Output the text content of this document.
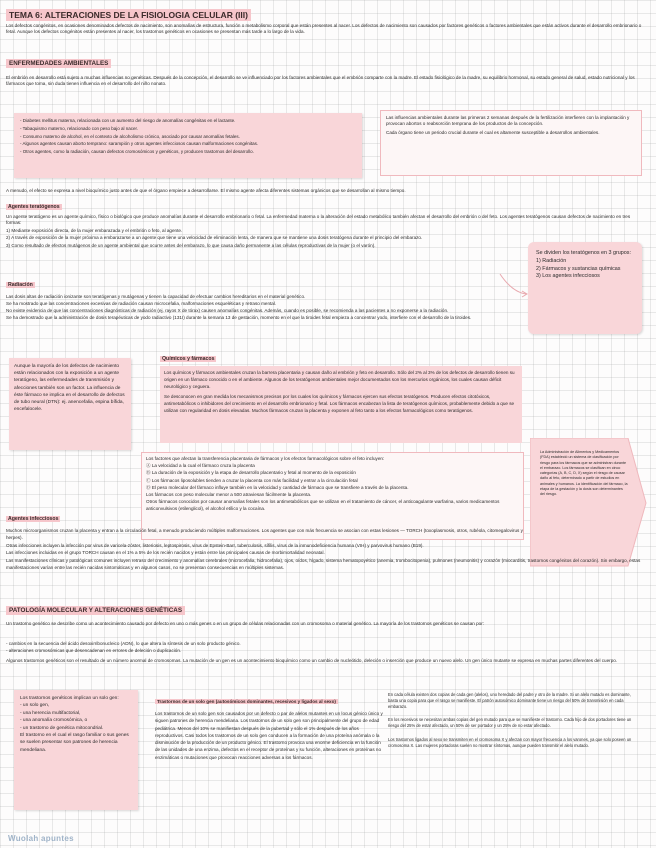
TEMA 6: ALTERACIONES DE LA FISIOLOGIA CELULAR (III)

Los defectos congénitos, en ocasiones denominados defectos de nacimiento, son anomalías de estructura, función o metabolismo corporal que están presentes al nacer. Los defectos de nacimiento son causados por factores genéticos o factores ambientales que están activos durante el desarrollo embrionario o fetal. Aunque los defectos congénitos están presentes al nacer, los trastornos genéticos en ocasiones se presentan más tarde a lo largo de la vida.

ENFERMEDADES AMBIENTALES

El embrión en desarrollo está sujeto a muchas influencias no genéticas. Después de la concepción, el desarrollo se ve influenciado por los factores ambientales que el embrión comparte con la madre. El estado fisiológico de la madre, su equilibrio hormonal, su estado general de salud, estado nutricional y los fármacos que toma, sin duda tienen influencia en el desarrollo del niño nonato.

- Diabetes mellitus materna, relacionada con un aumento del riesgo de anomalías congénitas en el lactante.
- Tabaquismo materno, relacionado con peso bajo al nacer.
- Consumo materno de alcohol, en el contexto de alcoholismo crónico, asociado por causar anomalías fetales.
- Algunos agentes causan aborto temprano: sarampión y otros agentes infecciosos causan malformaciones congénitas.
- Otros agentes, como la radiación, causan defectos cromosómicos y genéticos, y producen trastornos del desarrollo.

Las influencias ambientales durante las primeras 2 semanas después de la fertilización interfieren con la implantación y provocan abortos o reabsorción temprana de los productos de la concepción.

Cada órgano tiene un periodo crucial durante el cual es altamente susceptible a desarrollos ambientales.

A menudo, el efecto se expresa a nivel bioquímico justo antes de que el órgano empiece a desarrollarse. El mismo agente afecta diferentes sistemas orgánicos que se desarrollan al mismo tiempo.

Agentes teratógenos

Un agente teratógeno es un agente químico, físico o biológico que produce anomalías durante el desarrollo embrionario o fetal. La enfermedad materna o la alteración del estado metabólico también afectan el desarrollo del embrión o del feto. Los agentes teratógenos causan defectos de nacimiento en tres formas:

1) Mediante exposición directa, de la mujer embarazada y el embrión o feto, al agente.
2) A través de exposición de la mujer próxima a embarazarse a un agente que tiene una velocidad de eliminación lenta, de manera que se mantiene una dosis teratógena durante el principio del embarazo.
3) Como resultado de efectos mutágenos de un agente ambiental que ocurre antes del embarazo, lo que causa daño permanente a las células reproductivas de la mujer (o el varón).

Se dividen los teratógenos en 3 grupos:

1) Radiación

2) Fármacos y sustancias químicas

3) Los agentes infecciosos

Radiación

Las dosis altas de radiación ionizante son teratógenas y mutágenas y tienen la capacidad de efectuar cambios hereditarios en el material genético.

Se ha mostrado que las concentraciones excesivas de radiación causan microcefalia, malformaciones esqueléticas y retraso mental.

No existe evidencia de que las concentraciones diagnósticas de radiación (ej. rayos X de tórax) causen anomalías congénitas. Además, cuando es posible, se recomienda a las pacientes a no exponerse a la radiación.

Se ha demostrado que la administración de dosis terapéuticas de yodo radiactivo (131I) durante la semana 13 de gestación, momento en el que la tiroides fetal empieza a concentrar yodo, interfiere con el desarrollo de la tiroides.

Aunque la mayoría de los defectos de nacimiento están relacionados con la exposición a un agente teratógeno, las enfermedades de transmisión y afecciones también son un factor. La influencia de éste fármaco se implica en el desarrollo de defectos de tubo neural (DTN): ej. anencefalia, espina bífida, encefalocele.

Químicos y fármacos

Los químicos y fármacos ambientales cruzan la barrera placentaria y causan daño al embrión y feto en desarrollo. Sólo del 2% al 3% de los defectos de desarrollo tienen su origen en un fármaco conocido o en el ambiente. Algunos de los teratógenos ambientales mejor documentados son los mercurios orgánicos, los cuales causan déficit neurológico y ceguera.

Se desconocen en gran medida los mecanismos precisos por los cuales los químicos y fármacos ejercen sus efectos teratógenos. Producen efectos citotóxicos, antimetabólicos o inhibidores del crecimiento en el desarrollo embrionario y fetal. Los fármacos encabezan la lista de teratógenos químicos, probablemente debido a que se utilizan con regularidad en dosis elevadas. Muchos fármacos cruzan la placenta y exponen al feto tanto a los efectos farmacológicos como teratógenos.

Los factores que afectan la transferencia placentaria de fármacos y los efectos farmacológicos sobre el feto incluyen:

Ⓐ La velocidad a la cual el fármaco cruza la placenta
Ⓑ La duración de la exposición y la etapa de desarrollo placentario y fetal al momento de la exposición
Ⓒ Los fármacos liposolubles tienden a cruzar la placenta con más facilidad y entrar a la circulación fetal
Ⓓ El peso molecular del fármaco influye también en la velocidad y cantidad de fármaco que se transfiere a través de la placenta.

Los fármacos con peso molecular menor a 500 atraviesan fácilmente la placenta.

Otros fármacos conocidos por causar anomalías fetales son los antimetabólicos que se utilizan en el tratamiento de cáncer, el anticoagulante warfarina, varios medicamentos anticonvulsivos (etilenglicol), el alcohol etílico y la cocaína.

La Administración de Alimentos y Medicamentos (FDA) estableció un sistema de clasificación por riesgo para los fármacos que se administran durante el embarazo. Los fármacos se clasifican en cinco categorías (A, B, C, D, X) según el riesgo de causar daño al feto, determinado a partir de estudios en animales y humanos. La identificación del fármaco, la etapa de la gestación y la dosis son determinantes del riesgo.

Agentes infecciosos

Muchos microorganismos cruzan la placenta y entran a la circulación fetal, a menudo produciendo múltiples malformaciones. Los agentes que con más frecuencia se asocian con estas lesiones — TORCH (toxoplasmosis, otros, rubéola, citomegalovirus y herpes).

Otras infecciones incluyen la infección por virus de varicela-zóster, listeriosis, leptospirosis, virus de Epstein-Barr, tuberculosis, sífilis, virus de la inmunodeficiencia humana (VIH) y parvovirus humano (B19).

Las infecciones incluidas en el grupo TORCH causan en el 1% a 5% de los recién nacidos y están entre las principales causas de morbimortalidad neonatal.

Las manifestaciones clínicas y patológicas comunes incluyen retraso del crecimiento y anomalías cerebrales (microcefalia, hidrocefalia), ojos, oídos, hígado, sistema hematopoyético (anemia, trombocitopenia), pulmones (neumonitis) y corazón (miocarditis, trastornos congénitos del corazón). Sin embargo, estas manifestaciones varían entre las recién nacidas sintomáticas y en algunos casos, no se presentan consecuencias en múltiples sistemas.

PATOLOGÍA MOLECULAR Y ALTERACIONES GENÉTICAS

Un trastorno genético se describe como un acontecimiento causado por defecto en uno o más genes o en un grupo de células relacionadas con un cromosoma o material genético. La mayoría de los trastornos genéticos se causan por:

- cambios en la secuencia del ácido desoxirribonucleico (ADN), lo que altera la síntesis de un solo producto génico.
- alteraciones cromosómicas que desencadenan en errores de deleción o duplicación.

Algunos trastornos genéticos son el resultado de un número anormal de cromosomas. La mutación de un gen es un acontecimiento bioquímico como un cambio de nucleótido, deleción o inserción que produce un nuevo alelo. Un gen único mutante se expresa en muchas partes diferentes del cuerpo.

Los trastornos genéticos implican un solo gen:

- un solo gen,

- una herencia multifactorial,

- una anomalía cromosómica, o

- un trastorno de genética mitocondrial.

El trastorno en el cual el rasgo familiar o sus genes se suelen presentar son patrones de herencia mendeliana.

Trastornos de un solo gen (autosómicos dominantes, recesivos y ligados al sexo)

Los trastornos de un solo gen son causados por un defecto o par de alelos mutantes en un locus génico único y siguen patrones de herencia mendeliana. Los trastornos de un solo gen son principalmente del grupo de edad pediátrica. Menos del 10% se manifiestan después de la pubertad y sólo el 1% después de los años reproductivos. Casi todos los trastornos de un solo gen conducen a la formación de una proteína anómala o la disminución de la producción de un producto génico. El trastorno provoca una enorme deficiencia en la función de las unidades de una enzima, defectos en el receptor de proteínas y su función, alteraciones en proteínas no enzimáticas o mutaciones que provocan reacciones adversas a los fármacos.

En cada célula existen dos copias de cada gen (alelos), uno heredado del padre y otro de la madre. Si un alelo mutado es dominante, basta una copia para que el rasgo se manifieste. El patrón autosómico dominante tiene un riesgo del 50% de transmisión en cada embarazo.

En los recesivos se necesitan ambas copias del gen mutado para que se manifieste el trastorno. Cada hijo de dos portadores tiene un riesgo del 25% de estar afectado, un 50% de ser portador y un 25% de no estar afectado.

Los trastornos ligados al sexo se transmiten en el cromosoma X y afectan con mayor frecuencia a los varones, ya que solo poseen un cromosoma X. Las mujeres portadoras suelen no mostrar síntomas, aunque pueden transmitir el alelo mutado.

Wuolah apuntes
